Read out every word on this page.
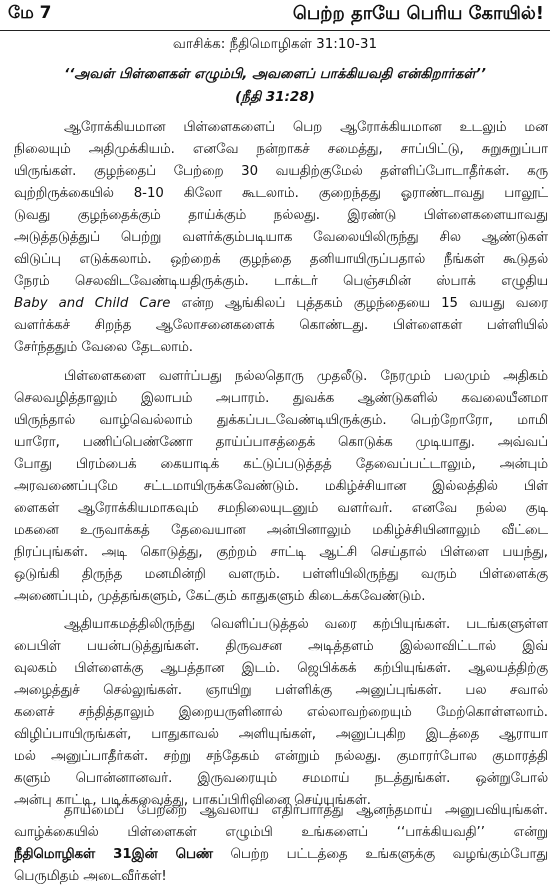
மே 7	பெற்ற தாயே பெரிய கோயில்!
வாசிக்க: நீதிமொழிகள் 31:10-31
‘‘அவள் பிள்ளைகள் எழும்பி, அவளைப் பாக்கியவதி என்கிறார்கள்’’
(நீதி 31:28)
ஆரோக்கியமான பிள்ளைகளைப் பெற ஆரோக்கியமான உடலும் மன
நிலையும் அதிமுக்கியம். எனவே நன்றாகச் சமைத்து, சாப்பிட்டு, சுறுசுறுப்பா
யிருங்கள். குழந்தைப் பேற்றை 30 வயதிற்குமேல் தள்ளிப்போடாதீர்கள். கரு
வுற்றிருக்கையில் 8-10 கிலோ கூடலாம். குறைந்தது ஓராண்டாவது பாலூட்
டுவது குழந்தைக்கும் தாய்க்கும் நல்லது. இரண்டு பிள்ளைகளையாவது
அடுத்தடுத்துப் பெற்று வளர்க்கும்படியாக வேலையிலிருந்து சில ஆண்டுகள்
விடுப்பு எடுக்கலாம். ஒற்றைக் குழந்தை தனியாயிருப்பதால் நீங்கள் கூடுதல்
நேரம் செலவிடவேண்டியதிருக்கும். டாக்டர் பெஞ்சமின் ஸ்பாக் எழுதிய
Baby and Child Care என்ற ஆங்கிலப் புத்தகம் குழந்தையை 15 வயது வரை
வளர்க்கச் சிறந்த ஆலோசனைகளைக் கொண்டது. பிள்ளைகள் பள்ளியில்
சேர்ந்ததும் வேலை தேடலாம்.
பிள்ளைகளை வளர்ப்பது நல்லதொரு முதலீடு. நேரமும் பலமும் அதிகம்
செலவழித்தாலும் இலாபம் அபாரம். துவக்க ஆண்டுகளில் கவலையீனமா
யிருந்தால் வாழ்வெல்லாம் துக்கப்படவேண்டியிருக்கும். பெற்றோரோ, மாமி
யாரோ, பணிப்பெண்ணோ தாய்ப்பாசத்தைக் கொடுக்க முடியாது. அவ்வப்
போது பிரம்பைக் கையாடிக் கட்டுப்படுத்தத் தேவைப்பட்டாலும், அன்பும்
அரவணைப்புமே சட்டமாயிருக்கவேண்டும். மகிழ்ச்சியான இல்லத்தில் பிள்
ளைகள் ஆரோக்கியமாகவும் சமநிலையுடனும் வளர்வர். எனவே நல்ல குடி
மகனை உருவாக்கத் தேவையான அன்பினாலும் மகிழ்ச்சியினாலும் வீட்டை
நிரப்புங்கள். அடி கொடுத்து, குற்றம் சாட்டி ஆட்சி செய்தால் பிள்ளை பயந்து,
ஒடுங்கி திருந்த மனமின்றி வளரும். பள்ளியிலிருந்து வரும் பிள்ளைக்கு
அணைப்பும், முத்தங்களும், கேட்கும் காதுகளும் கிடைக்கவேண்டும்.
ஆதியாகமத்திலிருந்து வெளிப்படுத்தல் வரை கற்பியுங்கள். படங்களுள்ள
பைபிள் பயன்படுத்துங்கள். திருவசன அடித்தளம் இல்லாவிட்டால் இவ்
வுலகம் பிள்ளைக்கு ஆபத்தான இடம். ஜெபிக்கக் கற்பியுங்கள். ஆலயத்திற்கு
அழைத்துச் செல்லுங்கள். ஞாயிறு பள்ளிக்கு அனுப்புங்கள். பல சவால்
களைச் சந்தித்தாலும் இறையருளினால் எல்லாவற்றையும் மேற்கொள்ளலாம்.
விழிப்பாயிருங்கள், பாதுகாவல் அளியுங்கள், அனுப்புகிற இடத்தை ஆராயா
மல் அனுப்பாதீர்கள். சற்று சந்தேகம் என்றும் நல்லது. குமாரர்போல குமாரத்தி
களும் பொன்னானவர். இருவரையும் சமமாய் நடத்துங்கள். ஒன்றுபோல்
அன்பு காட்டி, படிக்கவைத்து, பாகப்பிரிவினை செய்யுங்கள்.
தாய்மைப் பேற்றை ஆவலாய் எதிர்பார்த்து ஆனந்தமாய் அனுபவியுங்கள்.
வாழ்க்கையில் பிள்ளைகள் எழும்பி உங்களைப் ‘‘பாக்கியவதி’’ என்று
நீதிமொழிகள் 31இன் பெண் பெற்ற பட்டத்தை உங்களுக்கு வழங்கும்போது
பெருமிதம் அடைவீர்கள்!
